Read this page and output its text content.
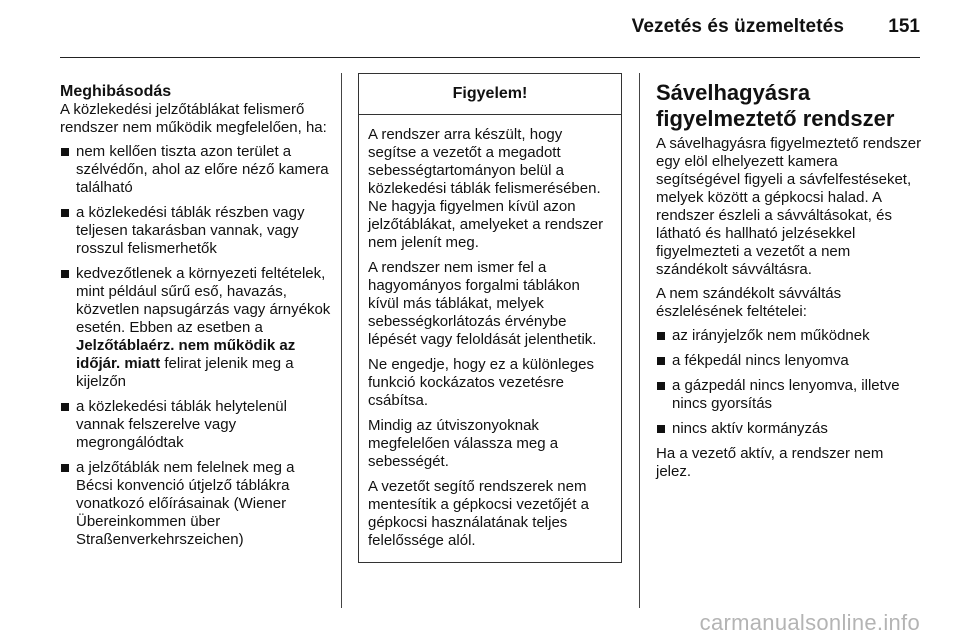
Vezetés és üzemeltetés 151
Meghibásodás

A közlekedési jelzőtáblákat felismerő rendszer nem működik megfelelően, ha:

nem kellően tiszta azon terület a szélvédőn, ahol az előre néző kamera található
a közlekedési táblák részben vagy teljesen takarásban vannak, vagy rosszul felismerhetők
kedvezőtlenek a környezeti feltételek, mint például sűrű eső, havazás, közvetlen napsugárzás vagy árnyékok esetén. Ebben az esetben a Jelzőtáblaérz. nem működik az időjár. miatt felirat jelenik meg a kijelzőn
a közlekedési táblák helytelenül vannak felszerelve vagy megrongálódtak
a jelzőtáblák nem felelnek meg a Bécsi konvenció útjelző táblákra vonatkozó előírásainak (Wiener Übereinkommen über Straßenverkehrszeichen)
Figyelem!

A rendszer arra készült, hogy segítse a vezetőt a megadott sebességtartományon belül a közlekedési táblák felismerésében. Ne hagyja figyelmen kívül azon jelzőtáblákat, amelyeket a rendszer nem jelenít meg.

A rendszer nem ismer fel a hagyományos forgalmi táblákon kívül más táblákat, melyek sebességkorlátozás érvénybe lépését vagy feloldását jelenthetik.

Ne engedje, hogy ez a különleges funkció kockázatos vezetésre csábítsa.

Mindig az útviszonyoknak megfelelően válassza meg a sebességét.

A vezetőt segítő rendszerek nem mentesítik a gépkocsi vezetőjét a gépkocsi használatának teljes felelőssége alól.

Sávelhagyásra figyelmeztető rendszer

A sávelhagyásra figyelmeztető rendszer egy elöl elhelyezett kamera segítségével figyeli a sávfelfestéseket, melyek között a gépkocsi halad. A rendszer észleli a sávváltásokat, és látható és hallható jelzésekkel figyelmezteti a vezetőt a nem szándékolt sávváltásra.

A nem szándékolt sávváltás észlelésének feltételei:

az irányjelzők nem működnek
a fékpedál nincs lenyomva
a gázpedál nincs lenyomva, illetve nincs gyorsítás
nincs aktív kormányzás

Ha a vezető aktív, a rendszer nem jelez.

carmanualsonline.info
